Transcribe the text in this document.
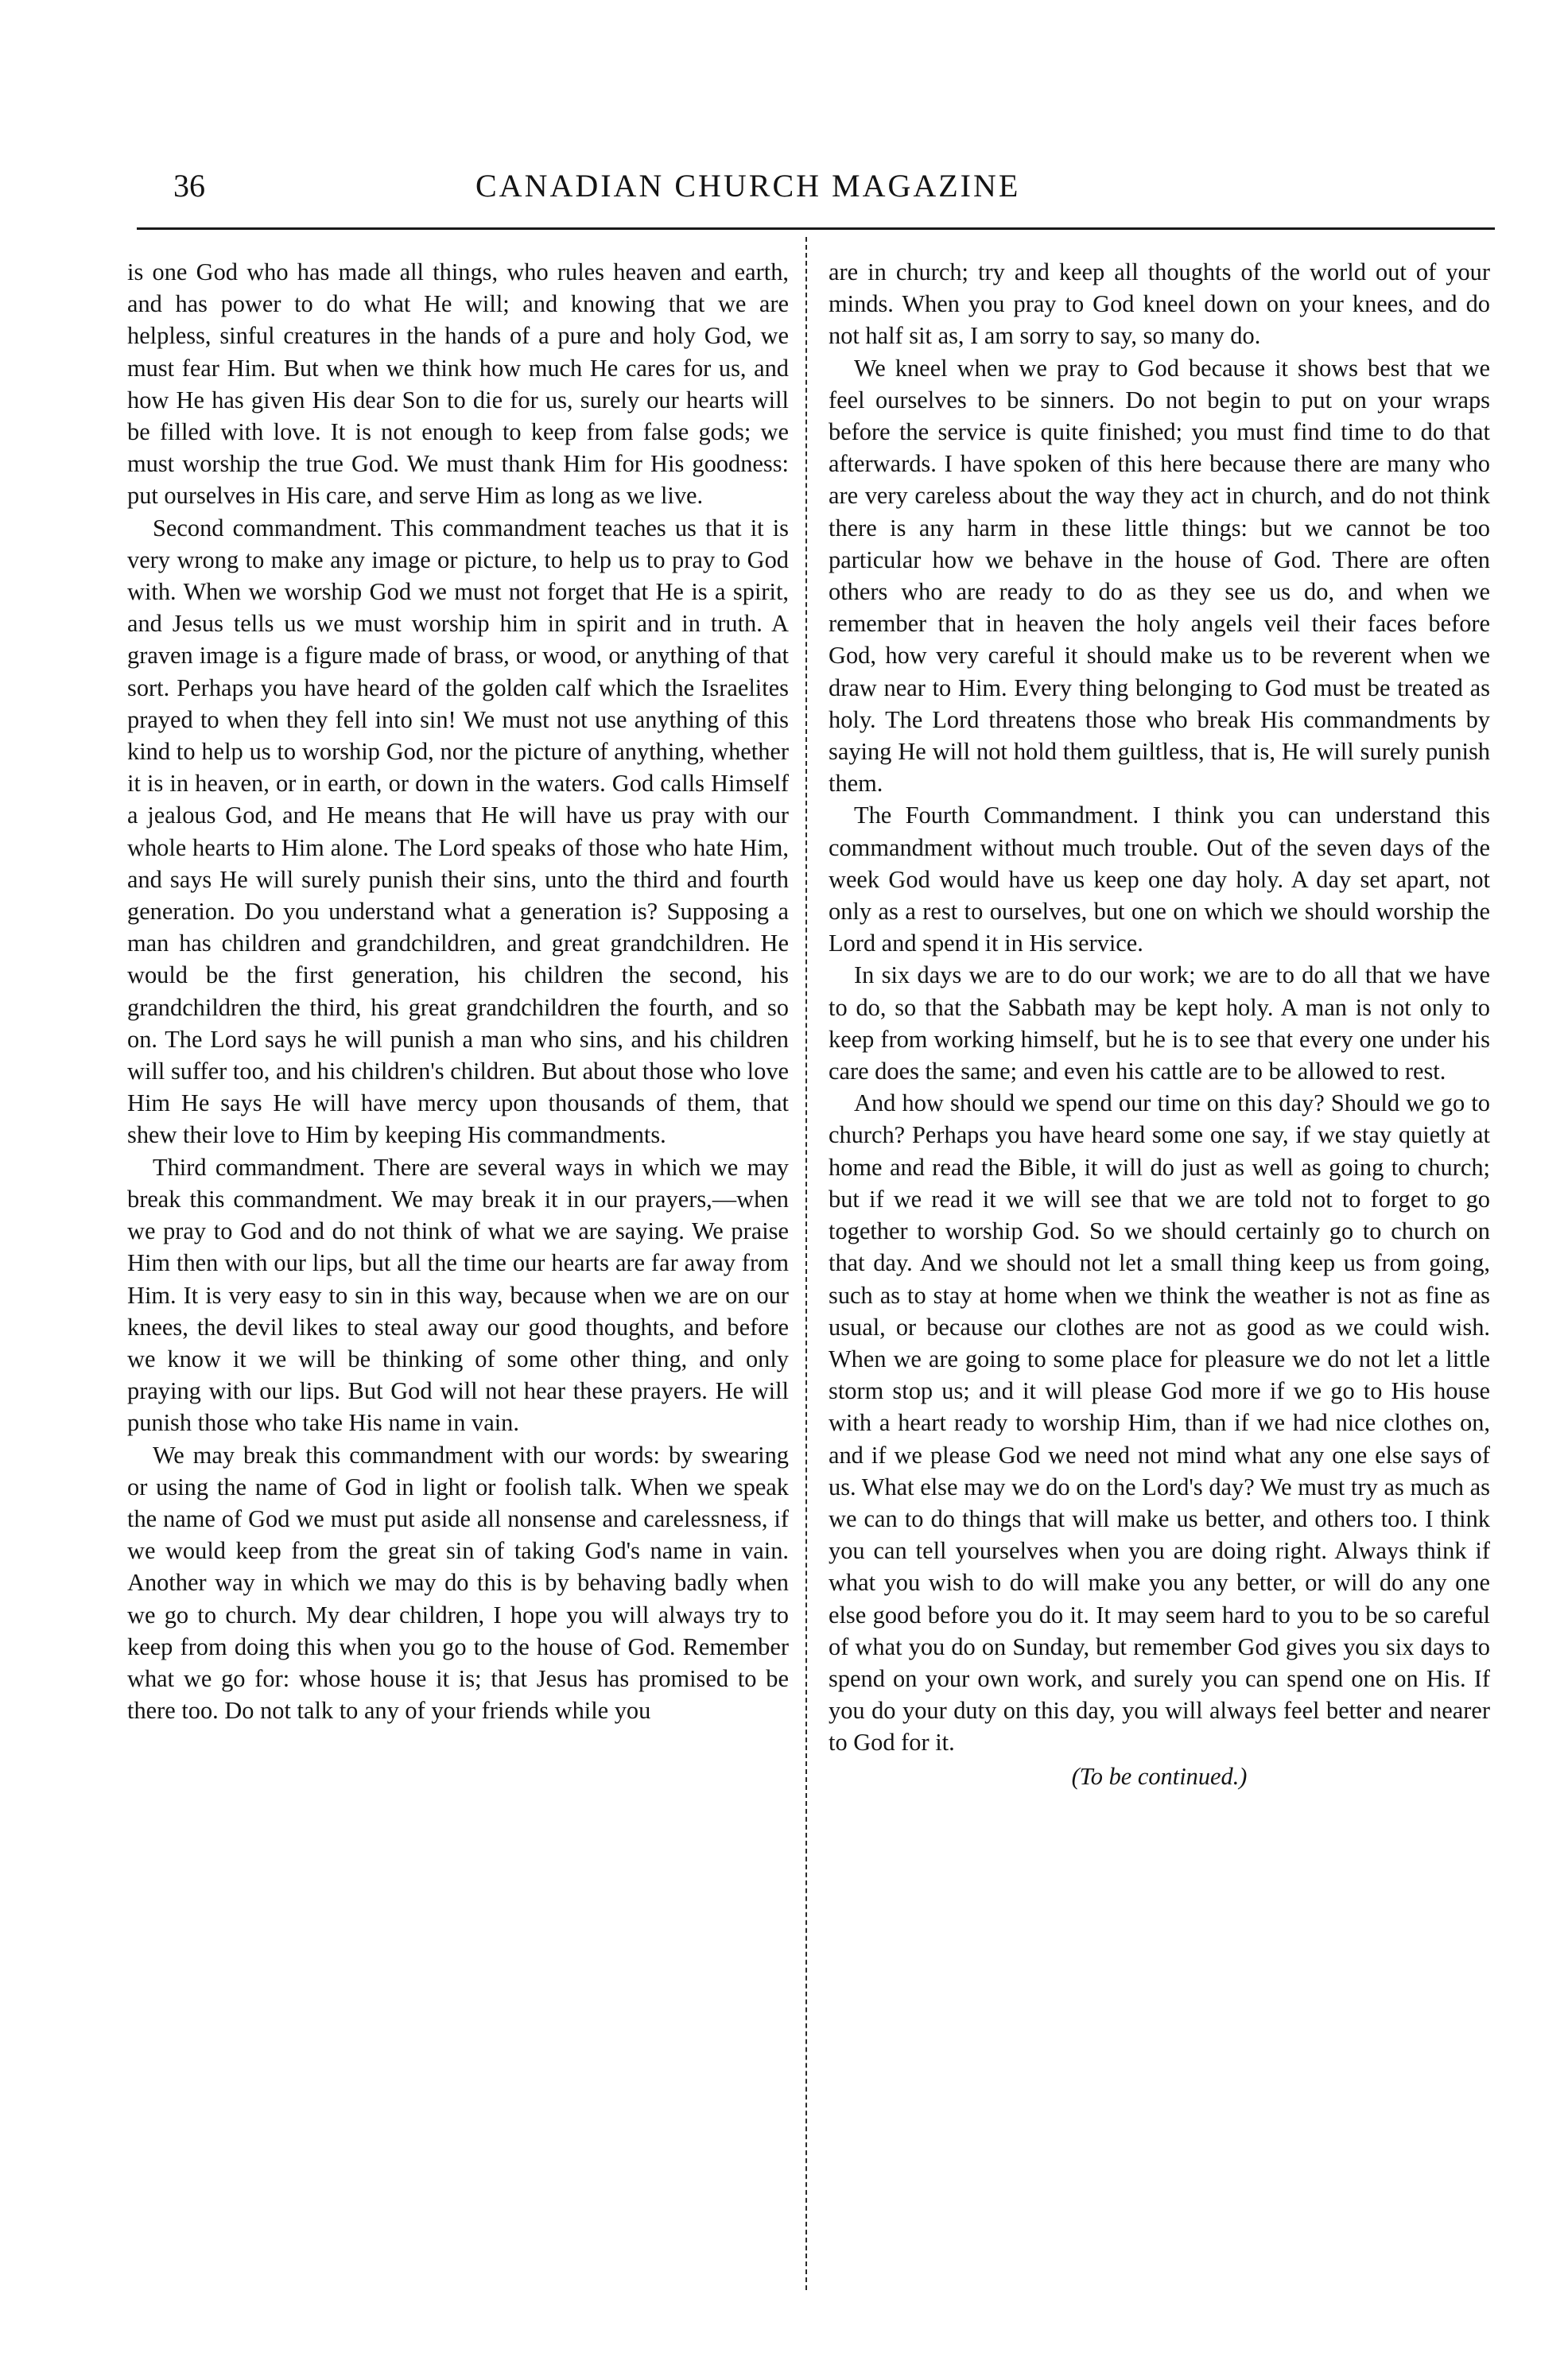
36	CANADIAN CHURCH MAGAZINE

is one God who has made all things, who rules heaven and earth, and has power to do what He will; and knowing that we are helpless, sinful creatures in the hands of a pure and holy God, we must fear Him. But when we think how much He cares for us, and how He has given His dear Son to die for us, surely our hearts will be filled with love. It is not enough to keep from false gods; we must worship the true God. We must thank Him for His goodness: put ourselves in His care, and serve Him as long as we live.

Second commandment. This commandment teaches us that it is very wrong to make any image or picture, to help us to pray to God with. When we worship God we must not forget that He is a spirit, and Jesus tells us we must worship him in spirit and in truth. A graven image is a figure made of brass, or wood, or anything of that sort. Perhaps you have heard of the golden calf which the Israelites prayed to when they fell into sin! We must not use anything of this kind to help us to worship God, nor the picture of anything, whether it is in heaven, or in earth, or down in the waters. God calls Himself a jealous God, and He means that He will have us pray with our whole hearts to Him alone. The Lord speaks of those who hate Him, and says He will surely punish their sins, unto the third and fourth generation. Do you understand what a generation is? Supposing a man has children and grandchildren, and great grandchildren. He would be the first generation, his children the second, his grandchildren the third, his great grandchildren the fourth, and so on. The Lord says he will punish a man who sins, and his children will suffer too, and his children's children. But about those who love Him He says He will have mercy upon thousands of them, that shew their love to Him by keeping His commandments.

Third commandment. There are several ways in which we may break this commandment. We may break it in our prayers,—when we pray to God and do not think of what we are saying. We praise Him then with our lips, but all the time our hearts are far away from Him. It is very easy to sin in this way, because when we are on our knees, the devil likes to steal away our good thoughts, and before we know it we will be thinking of some other thing, and only praying with our lips. But God will not hear these prayers. He will punish those who take His name in vain.

We may break this commandment with our words: by swearing or using the name of God in light or foolish talk. When we speak the name of God we must put aside all nonsense and carelessness, if we would keep from the great sin of taking God's name in vain. Another way in which we may do this is by behaving badly when we go to church. My dear children, I hope you will always try to keep from doing this when you go to the house of God. Remember what we go for: whose house it is; that Jesus has promised to be there too. Do not talk to any of your friends while you

are in church; try and keep all thoughts of the world out of your minds. When you pray to God kneel down on your knees, and do not half sit as, I am sorry to say, so many do.

We kneel when we pray to God because it shows best that we feel ourselves to be sinners. Do not begin to put on your wraps before the service is quite finished; you must find time to do that afterwards. I have spoken of this here because there are many who are very careless about the way they act in church, and do not think there is any harm in these little things: but we cannot be too particular how we behave in the house of God. There are often others who are ready to do as they see us do, and when we remember that in heaven the holy angels veil their faces before God, how very careful it should make us to be reverent when we draw near to Him. Every thing belonging to God must be treated as holy. The Lord threatens those who break His commandments by saying He will not hold them guiltless, that is, He will surely punish them.

The Fourth Commandment. I think you can understand this commandment without much trouble. Out of the seven days of the week God would have us keep one day holy. A day set apart, not only as a rest to ourselves, but one on which we should worship the Lord and spend it in His service.

In six days we are to do our work; we are to do all that we have to do, so that the Sabbath may be kept holy. A man is not only to keep from working himself, but he is to see that every one under his care does the same; and even his cattle are to be allowed to rest.

And how should we spend our time on this day? Should we go to church? Perhaps you have heard some one say, if we stay quietly at home and read the Bible, it will do just as well as going to church; but if we read it we will see that we are told not to forget to go together to worship God. So we should certainly go to church on that day. And we should not let a small thing keep us from going, such as to stay at home when we think the weather is not as fine as usual, or because our clothes are not as good as we could wish. When we are going to some place for pleasure we do not let a little storm stop us; and it will please God more if we go to His house with a heart ready to worship Him, than if we had nice clothes on, and if we please God we need not mind what any one else says of us. What else may we do on the Lord's day? We must try as much as we can to do things that will make us better, and others too. I think you can tell yourselves when you are doing right. Always think if what you wish to do will make you any better, or will do any one else good before you do it. It may seem hard to you to be so careful of what you do on Sunday, but remember God gives you six days to spend on your own work, and surely you can spend one on His. If you do your duty on this day, you will always feel better and nearer to God for it.

(To be continued.)
